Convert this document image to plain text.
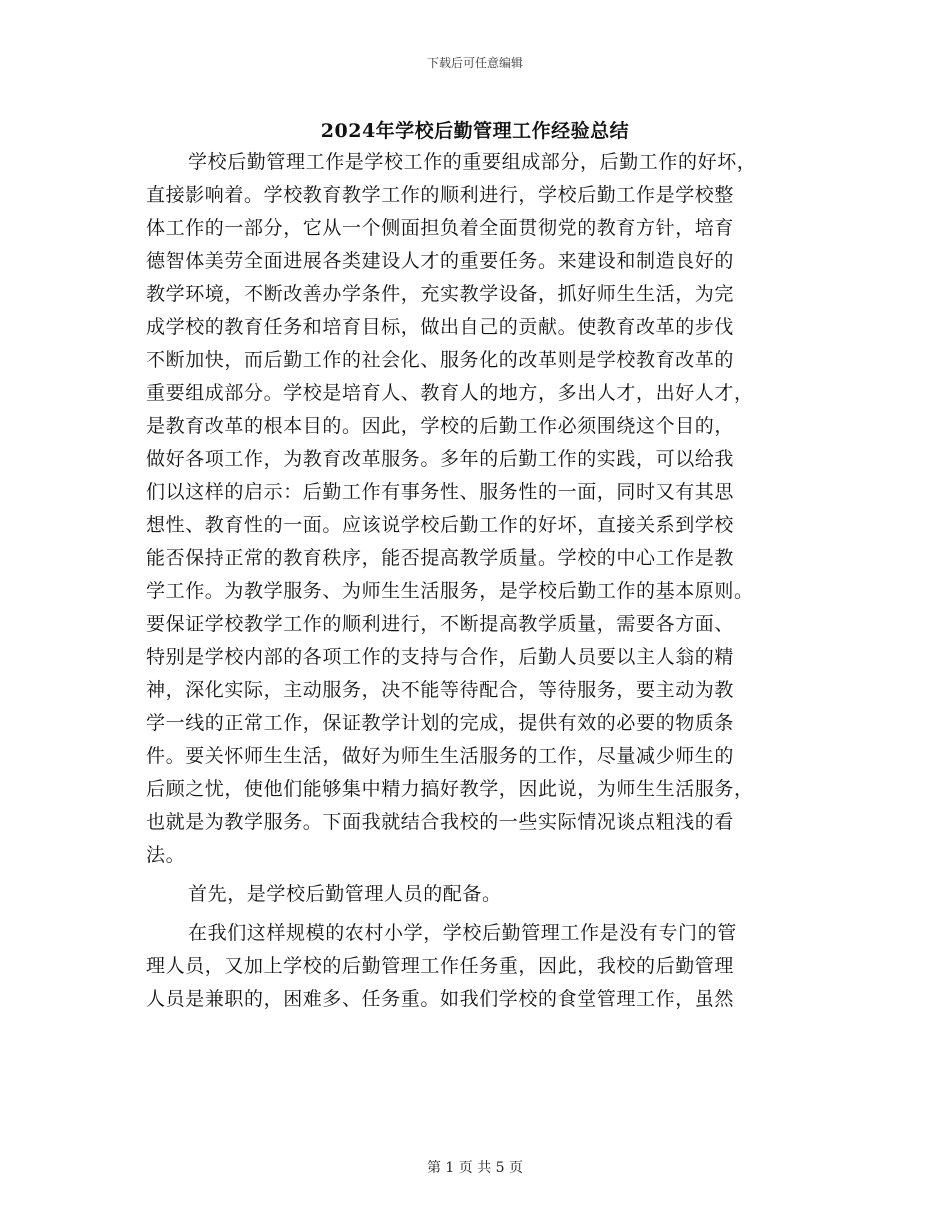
下载后可任意编辑
2024年学校后勤管理工作经验总结
学校后勤管理工作是学校工作的重要组成部分，后勤工作的好坏，
直接影响着。学校教育教学工作的顺利进行，学校后勤工作是学校整
体工作的一部分，它从一个侧面担负着全面贯彻党的教育方针，培育
德智体美劳全面进展各类建设人才的重要任务。来建设和制造良好的
教学环境，不断改善办学条件，充实教学设备，抓好师生生活，为完
成学校的教育任务和培育目标，做出自己的贡献。使教育改革的步伐
不断加快，而后勤工作的社会化、服务化的改革则是学校教育改革的
重要组成部分。学校是培育人、教育人的地方，多出人才，出好人才，
是教育改革的根本目的。因此，学校的后勤工作必须围绕这个目的，
做好各项工作，为教育改革服务。多年的后勤工作的实践，可以给我
们以这样的启示：后勤工作有事务性、服务性的一面，同时又有其思
想性、教育性的一面。应该说学校后勤工作的好坏，直接关系到学校
能否保持正常的教育秩序，能否提高教学质量。学校的中心工作是教
学工作。为教学服务、为师生生活服务，是学校后勤工作的基本原则。
要保证学校教学工作的顺利进行，不断提高教学质量，需要各方面、
特别是学校内部的各项工作的支持与合作，后勤人员要以主人翁的精
神，深化实际，主动服务，决不能等待配合，等待服务，要主动为教
学一线的正常工作，保证教学计划的完成，提供有效的必要的物质条
件。要关怀师生生活，做好为师生生活服务的工作，尽量减少师生的
后顾之忧，使他们能够集中精力搞好教学，因此说，为师生生活服务，
也就是为教学服务。下面我就结合我校的一些实际情况谈点粗浅的看
法。
首先，是学校后勤管理人员的配备。
在我们这样规模的农村小学，学校后勤管理工作是没有专门的管
理人员，又加上学校的后勤管理工作任务重，因此，我校的后勤管理
人员是兼职的，困难多、任务重。如我们学校的食堂管理工作，虽然
第 1 页 共 5 页
